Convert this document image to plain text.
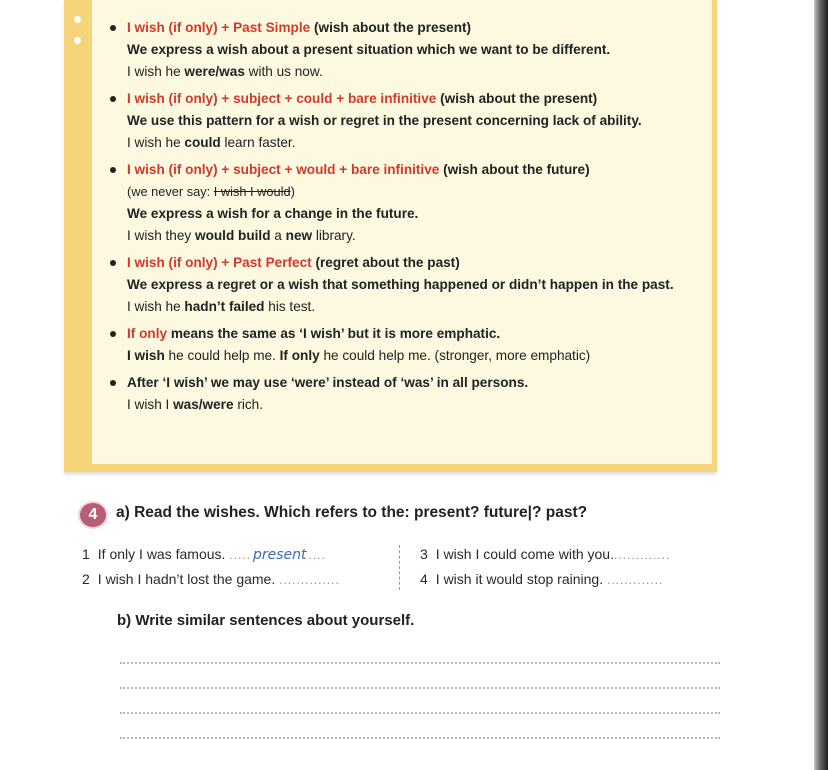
I wish (if only) + Past Simple (wish about the present)

We express a wish about a present situation which we want to be different.

I wish he were/was with us now.

I wish (if only) + subject + could + bare infinitive (wish about the present)

We use this pattern for a wish or regret in the present concerning lack of ability.

I wish he could learn faster.

I wish (if only) + subject + would + bare infinitive (wish about the future)

(we never say: I wish I would)

We express a wish for a change in the future.

I wish they would build a new library.

I wish (if only) + Past Perfect (regret about the past)

We express a regret or a wish that something happened or didn’t happen in the past.

I wish he hadn’t failed his test.

If only means the same as ‘I wish’ but it is more emphatic.

I wish he could help me. If only he could help me. (stronger, more emphatic)

After ‘I wish’ we may use ‘were’ instead of ‘was’ in all persons.

I wish I was/were rich.

4	a) Read the wishes. Which refers to the: present? future|? past?
1 If only I was famous. ..... present ....
2 I wish I hadn’t lost the game. ..............
3 I wish I could come with you..............
4 I wish it would stop raining. .............
b) Write similar sentences about yourself.
